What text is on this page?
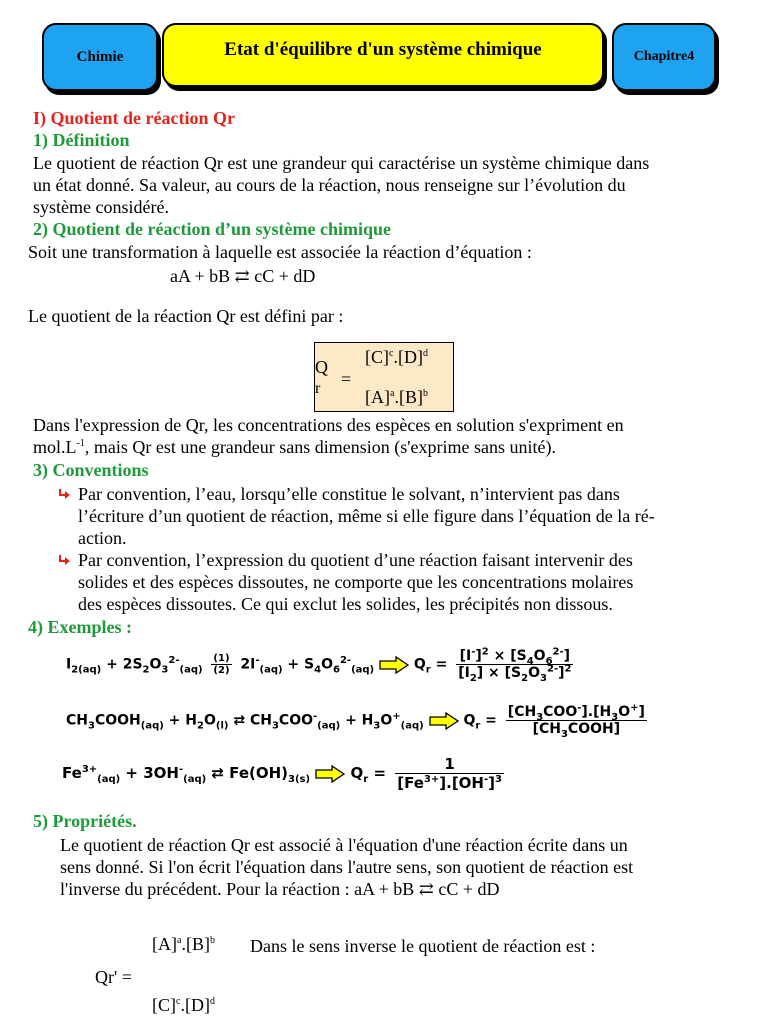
Chimie	Etat d'équilibre d'un système chimique	Chapitre4
I) Quotient de réaction Qr
1) Définition
Le quotient de réaction Qr est une grandeur qui caractérise un système chimique dans
un état donné. Sa valeur, au cours de la réaction, nous renseigne sur l’évolution du
système considéré.
2) Quotient de réaction d’un système chimique
Soit une transformation à laquelle est associée la réaction d’équation :
aA + bB ⇄ cC + dD
Le quotient de la réaction Qr est défini par :
Q
r =
$[C]^c.[D]^d$
$[A]^a.[B]^b$
Dans l'expression de Qr, les concentrations des espèces en solution s'expriment en
$mol.L^{-1}$, mais Qr est une grandeur sans dimension (s'exprime sans unité).
3) Conventions
Par convention, l’eau, lorsqu’elle constitue le solvant, n’intervient pas dans
l’écriture d’un quotient de réaction, même si elle figure dans l’équation de la ré-
action.
Par convention, l’expression du quotient d’une réaction faisant intervenir des
solides et des espèces dissoutes, ne comporte que les concentrations molaires
des espèces dissoutes. Ce qui exclut les solides, les précipités non dissous.
4) Exemples :
$I_{2(aq)} + 2S_2O_3^{2-}_{(aq)} \frac{(1)}{(2)} 2I^-_{(aq)} + S_4O_6^{2-}_{(aq)}$  $Q_r = \frac{[I^-]^2 \times [S_4O_6^{2-}]}{[I_2] \times [S_2O_3^{2-}]^2}$
$CH_3COOH_{(aq)} + H_2O_{(l)}$ ⇄ $CH_3COO^-_{(aq)} + H_3O^+_{(aq)}$  $Q_r = \frac{[CH_3COO^-].[H_3O^+]}{[CH_3COOH]}$
$Fe^{3+}_{(aq)} + 3OH^-_{(aq)}$ ⇄ $Fe(OH)_{3(s)}$  $Q_r = \frac{1}{[Fe^{3+}].[OH^-]^3}$
5) Propriétés.
Le quotient de réaction Qr est associé à l'équation d'une réaction écrite dans un
sens donné. Si l'on écrit l'équation dans l'autre sens, son quotient de réaction est
l'inverse du précédent. Pour la réaction : aA + bB ⇄ cC + dD
$[A]^a.[B]^b$ Dans le sens inverse le quotient de réaction est :
Qr' =
$[C]^c.[D]^d$
